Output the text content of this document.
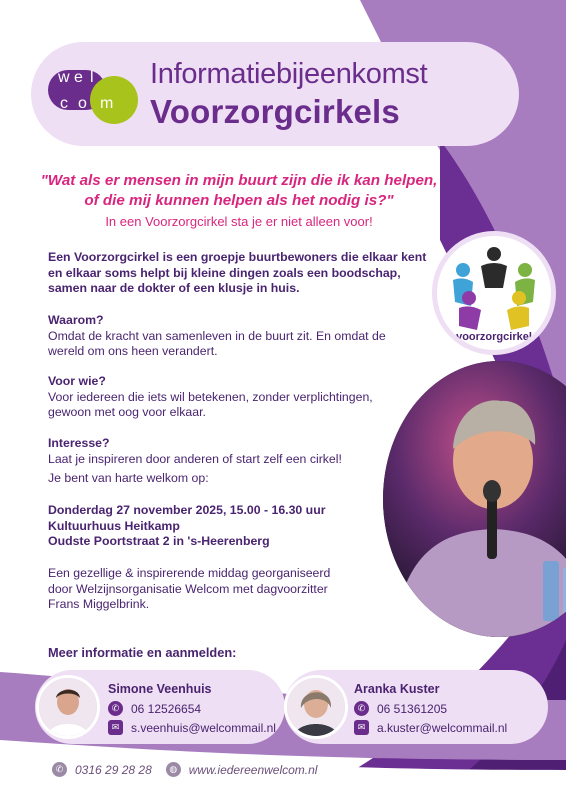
w e l
c o m
Informatiebijeenkomst
Voorzorgcirkels
"Wat als er mensen in mijn buurt zijn die ik kan helpen,
of die mij kunnen helpen als het nodig is?"
In een Voorzorgcirkel sta je er niet alleen voor!
Een Voorzorgcirkel is een groepje buurtbewoners die elkaar kent
en elkaar soms helpt bij kleine dingen zoals een boodschap,
samen naar de dokter of een klusje in huis.
Waarom?
Omdat de kracht van samenleven in de buurt zit. En omdat de
wereld om ons heen verandert.
Voor wie?
Voor iedereen die iets wil betekenen, zonder verplichtingen,
gewoon met oog voor elkaar.
Interesse?
Laat je inspireren door anderen of start zelf een cirkel!
Je bent van harte welkom op:
Donderdag 27 november 2025, 15.00 - 16.30 uur
Kultuurhuus Heitkamp
Oudste Poortstraat 2 in 's-Heerenberg
Een gezellige & inspirerende middag georganiseerd
door Welzijnsorganisatie Welcom met dagvoorzitter
Frans Miggelbrink.
voorzorgcirkel
Meer informatie en aanmelden:
Simone Veenhuis
✆ 06 12526654
✉ s.veenhuis@welcommail.nl
Aranka Kuster
✆ 06 51361205
✉ a.kuster@welcommail.nl
✆ 0316 29 28 28	◍ www.iedereenwelcom.nl
